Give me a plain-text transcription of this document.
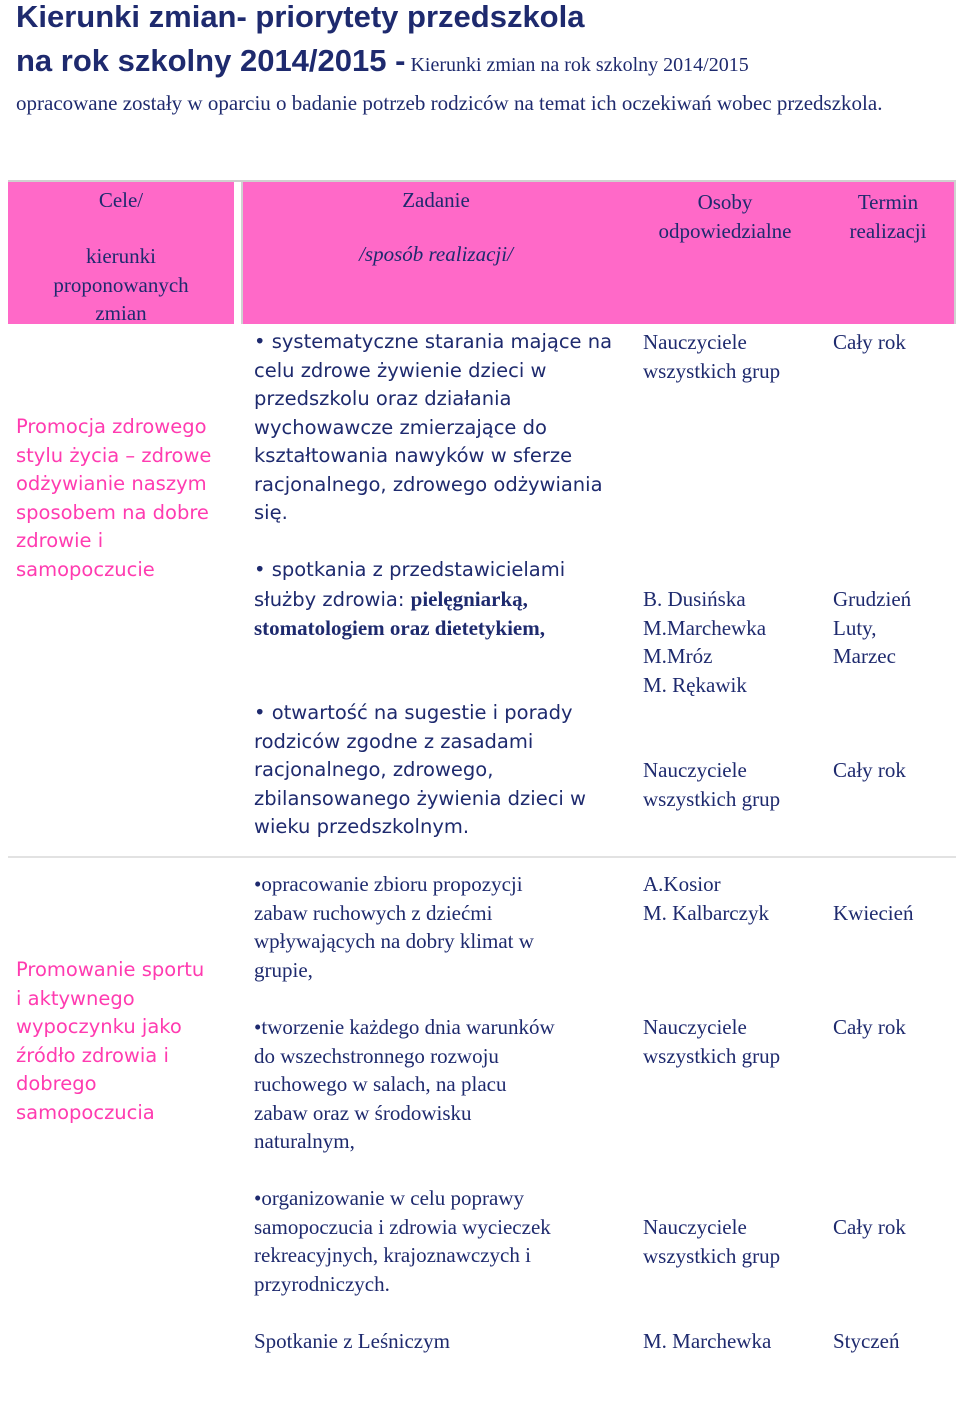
Kierunki zmian- priorytety przedszkola
na rok szkolny 2014/2015 - Kierunki zmian na rok szkolny 2014/2015
opracowane zostały w oparciu o badanie potrzeb rodziców na temat ich oczekiwań wobec przedszkola.
Cele/
kierunki
proponowanych
zmian
Zadanie
/sposób realizacji/
Osoby
odpowiedzialne
Termin
realizacji
Promocja zdrowego
stylu życia – zdrowe
odżywianie naszym
sposobem na dobre
zdrowie i
samopoczucie
• systematyczne starania mające na
celu zdrowe żywienie dzieci w
przedszkolu oraz działania
wychowawcze zmierzające do
kształtowania nawyków w sferze
racjonalnego, zdrowego odżywiania
się.
• spotkania z przedstawicielami
służby zdrowia: pielęgniarką,
stomatologiem oraz dietetykiem,
• otwartość na sugestie i porady
rodziców zgodne z zasadami
racjonalnego, zdrowego,
zbilansowanego żywienia dzieci w
wieku przedszkolnym.
Nauczyciele
wszystkich grup
B. Dusińska
M.Marchewka
M.Mróz
M. Rękawik
Nauczyciele
wszystkich grup
Cały rok
Grudzień
Luty,
Marzec
Cały rok
Promowanie sportu
i aktywnego
wypoczynku jako
źródło zdrowia i
dobrego
samopoczucia
•opracowanie zbioru propozycji
zabaw ruchowych z dziećmi
wpływających na dobry klimat w
grupie,
•tworzenie każdego dnia warunków
do wszechstronnego rozwoju
ruchowego w salach, na placu
zabaw oraz w środowisku
naturalnym,
•organizowanie w celu poprawy
samopoczucia i zdrowia wycieczek
rekreacyjnych, krajoznawczych i
przyrodniczych.
Spotkanie z Leśniczym
A.Kosior
M. Kalbarczyk
Nauczyciele
wszystkich grup
Nauczyciele
wszystkich grup
M. Marchewka
Kwiecień
Cały rok
Cały rok
Styczeń
